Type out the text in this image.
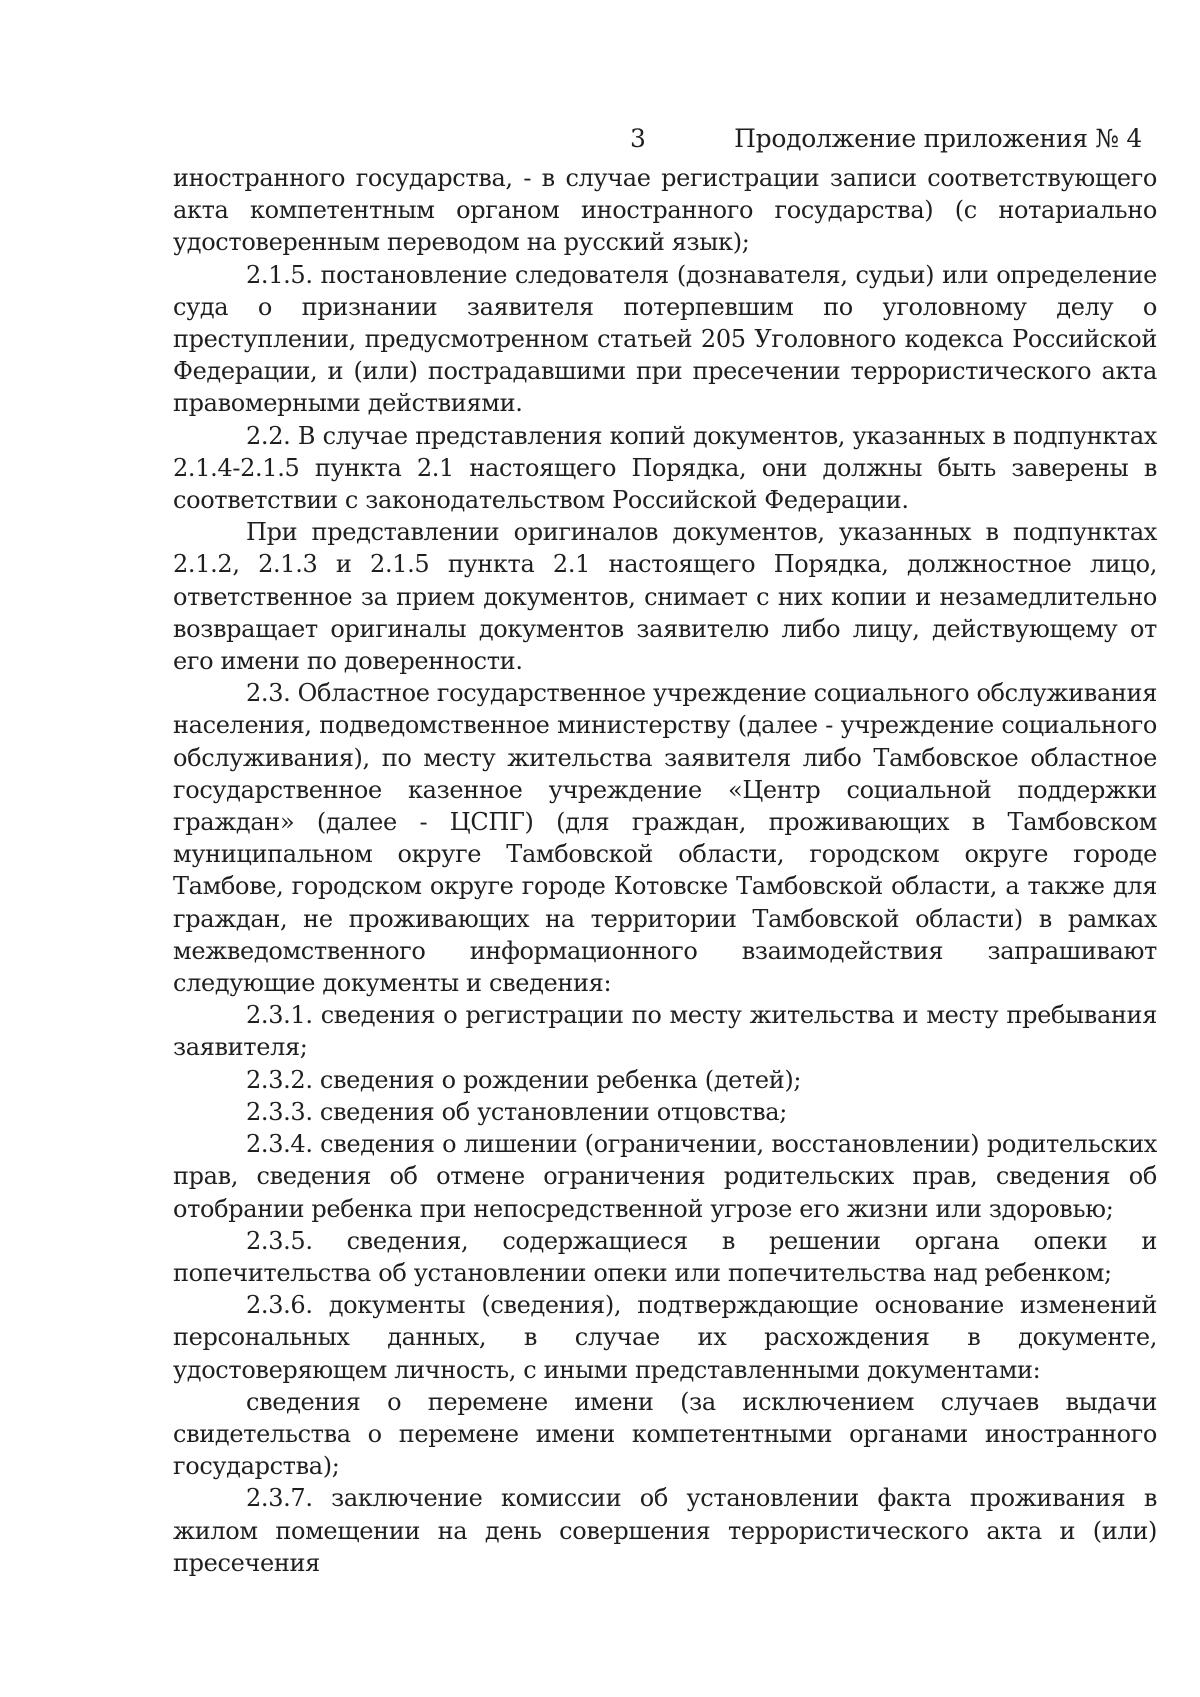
3	Продолжение приложения № 4

иностранного государства, - в случае регистрации записи соответствующего акта компетентным органом иностранного государства) (с нотариально удостоверенным переводом на русский язык);

2.1.5. постановление следователя (дознавателя, судьи) или определение суда о признании заявителя потерпевшим по уголовному делу о преступлении, предусмотренном статьей 205 Уголовного кодекса Российской Федерации, и (или) пострадавшими при пресечении террористического акта правомерными действиями.

2.2. В случае представления копий документов, указанных в подпунктах 2.1.4-2.1.5 пункта 2.1 настоящего Порядка, они должны быть заверены в соответствии с законодательством Российской Федерации.

При представлении оригиналов документов, указанных в подпунктах 2.1.2, 2.1.3 и 2.1.5 пункта 2.1 настоящего Порядка, должностное лицо, ответственное за прием документов, снимает с них копии и незамедлительно возвращает оригиналы документов заявителю либо лицу, действующему от его имени по доверенности.

2.3. Областное государственное учреждение социального обслуживания населения, подведомственное министерству (далее - учреждение социального обслуживания), по месту жительства заявителя либо Тамбовское областное государственное казенное учреждение «Центр социальной поддержки граждан» (далее - ЦСПГ) (для граждан, проживающих в Тамбовском муниципальном округе Тамбовской области, городском округе городе Тамбове, городском округе городе Котовске Тамбовской области, а также для граждан, не проживающих на территории Тамбовской области) в рамках межведомственного информационного взаимодействия запрашивают следующие документы и сведения:

2.3.1. сведения о регистрации по месту жительства и месту пребывания заявителя;

2.3.2. сведения о рождении ребенка (детей);

2.3.3. сведения об установлении отцовства;

2.3.4. сведения о лишении (ограничении, восстановлении) родительских прав, сведения об отмене ограничения родительских прав, сведения об отобрании ребенка при непосредственной угрозе его жизни или здоровью;

2.3.5. сведения, содержащиеся в решении органа опеки и попечительства об установлении опеки или попечительства над ребенком;

2.3.6. документы (сведения), подтверждающие основание изменений персональных данных, в случае их расхождения в документе, удостоверяющем личность, с иными представленными документами:

сведения о перемене имени (за исключением случаев выдачи свидетельства о перемене имени компетентными органами иностранного государства);

2.3.7. заключение комиссии об установлении факта проживания в жилом помещении на день совершения террористического акта и (или) пресечения
